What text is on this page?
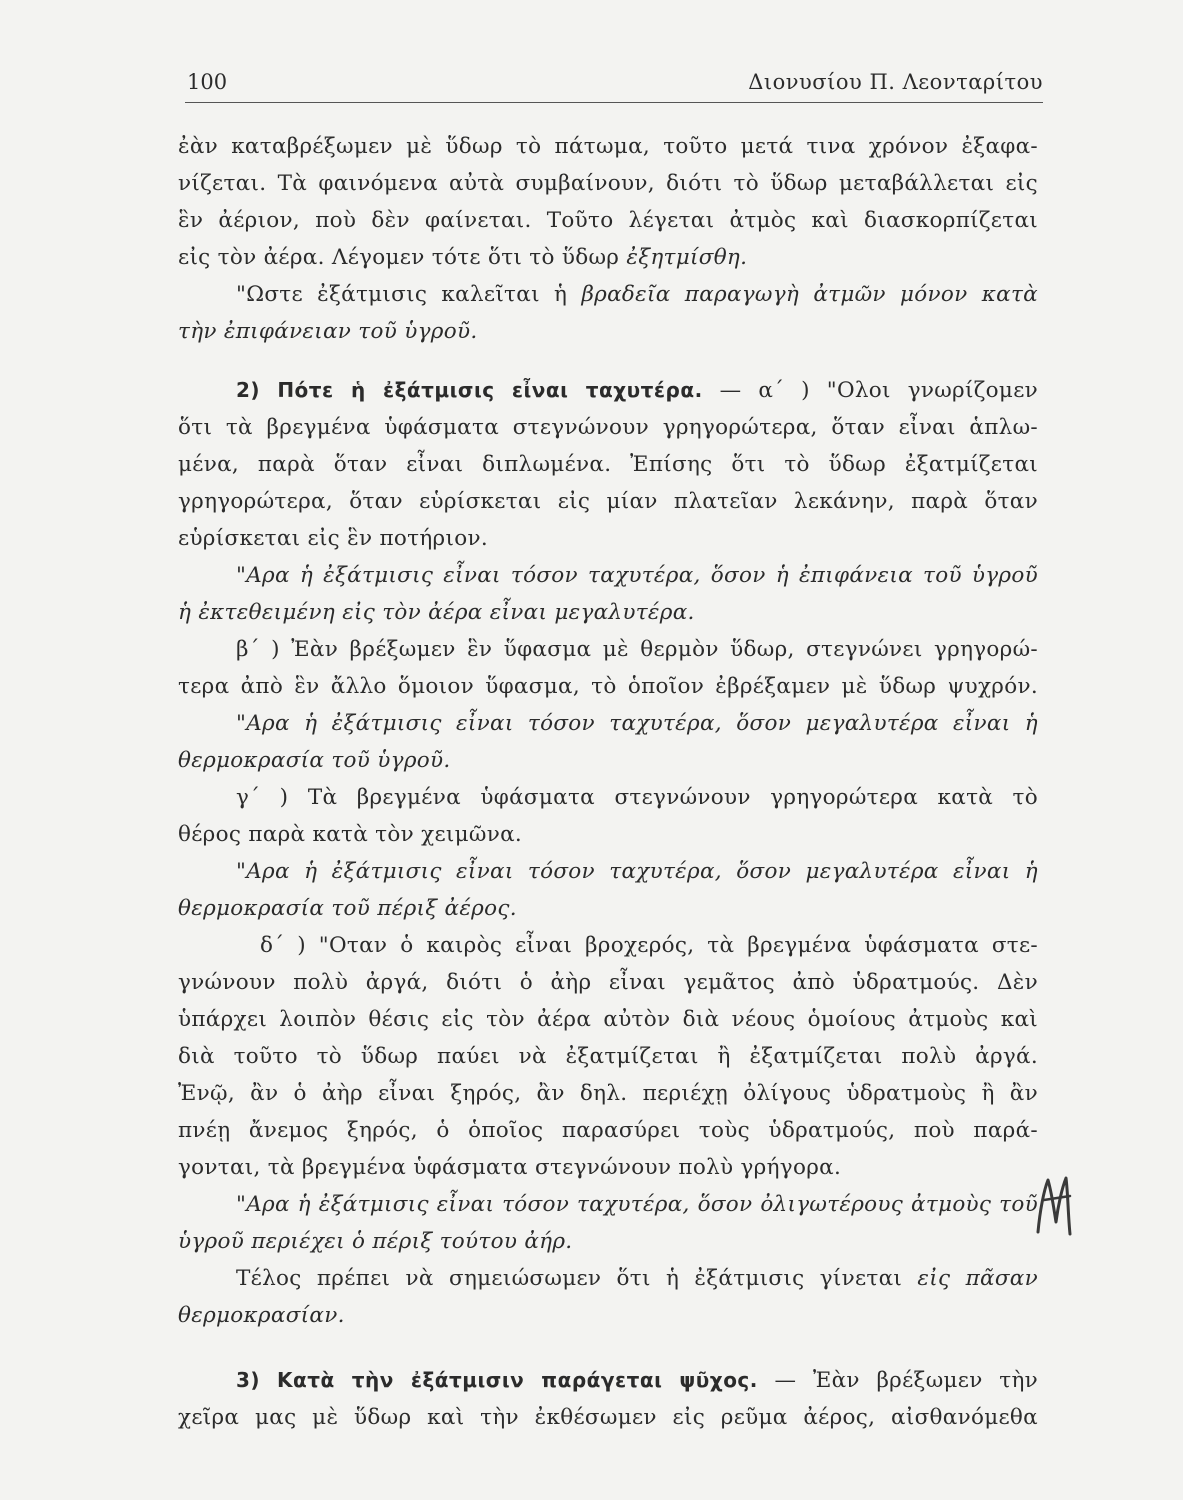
100	Διονυσίου Π. Λεονταρίτου
ἐὰν καταβρέξωμεν μὲ ὕδωρ τὸ πάτωμα, τοῦτο μετά τινα χρόνον ἐξαφα-
νίζεται. Τὰ φαινόμενα αὐτὰ συμβαίνουν, διότι τὸ ὕδωρ μεταβάλλεται εἰς
ἓν ἀέριον, ποὺ δὲν φαίνεται. Τοῦτο λέγεται ἀτμὸς καὶ διασκορπίζεται
εἰς τὸν ἀέρα. Λέγομεν τότε ὅτι τὸ ὕδωρ ἐξητμίσθη.
"Ωστε ἐξάτμισις καλεῖται ἡ βραδεῖα παραγωγὴ ἀτμῶν μόνον κατὰ
τὴν ἐπιφάνειαν τοῦ ὑγροῦ.
2) Πότε ἡ ἐξάτμισις εἶναι ταχυτέρα. — α΄ ) "Ολοι γνωρίζομεν
ὅτι τὰ βρεγμένα ὑφάσματα στεγνώνουν γρηγορώτερα, ὅταν εἶναι ἁπλω-
μένα, παρὰ ὅταν εἶναι διπλωμένα. Ἐπίσης ὅτι τὸ ὕδωρ ἐξατμίζεται
γρηγορώτερα, ὅταν εὑρίσκεται εἰς μίαν πλατεῖαν λεκάνην, παρὰ ὅταν
εὑρίσκεται εἰς ἓν ποτήριον.
"Αρα ἡ ἐξάτμισις εἶναι τόσον ταχυτέρα, ὅσον ἡ ἐπιφάνεια τοῦ ὑγροῦ
ἡ ἐκτεθειμένη εἰς τὸν ἀέρα εἶναι μεγαλυτέρα.
β΄ ) Ἐὰν βρέξωμεν ἓν ὕφασμα μὲ θερμὸν ὕδωρ, στεγνώνει γρηγορώ-
τερα ἀπὸ ἓν ἄλλο ὅμοιον ὕφασμα, τὸ ὁποῖον ἐβρέξαμεν μὲ ὕδωρ ψυχρόν.
"Αρα ἡ ἐξάτμισις εἶναι τόσον ταχυτέρα, ὅσον μεγαλυτέρα εἶναι ἡ
θερμοκρασία τοῦ ὑγροῦ.
γ΄ ) Τὰ βρεγμένα ὑφάσματα στεγνώνουν γρηγορώτερα κατὰ τὸ
θέρος παρὰ κατὰ τὸν χειμῶνα.
"Αρα ἡ ἐξάτμισις εἶναι τόσον ταχυτέρα, ὅσον μεγαλυτέρα εἶναι ἡ
θερμοκρασία τοῦ πέριξ ἀέρος.
δ΄ ) "Οταν ὁ καιρὸς εἶναι βροχερός, τὰ βρεγμένα ὑφάσματα στε-
γνώνουν πολὺ ἀργά, διότι ὁ ἀὴρ εἶναι γεμᾶτος ἀπὸ ὑδρατμούς. Δὲν
ὑπάρχει λοιπὸν θέσις εἰς τὸν ἀέρα αὐτὸν διὰ νέους ὁμοίους ἀτμοὺς καὶ
διὰ τοῦτο τὸ ὕδωρ παύει νὰ ἐξατμίζεται ἢ ἐξατμίζεται πολὺ ἀργά.
Ἐνῷ, ἂν ὁ ἀὴρ εἶναι ξηρός, ἂν δηλ. περιέχῃ ὀλίγους ὑδρατμοὺς ἢ ἂν
πνέῃ ἄνεμος ξηρός, ὁ ὁποῖος παρασύρει τοὺς ὑδρατμούς, ποὺ παρά-
γονται, τὰ βρεγμένα ὑφάσματα στεγνώνουν πολὺ γρήγορα.
"Αρα ἡ ἐξάτμισις εἶναι τόσον ταχυτέρα, ὅσον ὀλιγωτέρους ἀτμοὺς τοῦ
ὑγροῦ περιέχει ὁ πέριξ τούτου ἀήρ.
Τέλος πρέπει νὰ σημειώσωμεν ὅτι ἡ ἐξάτμισις γίνεται εἰς πᾶσαν
θερμοκρασίαν.
3) Κατὰ τὴν ἐξάτμισιν παράγεται ψῦχος. — Ἐὰν βρέξωμεν τὴν
χεῖρα μας μὲ ὕδωρ καὶ τὴν ἐκθέσωμεν εἰς ρεῦμα ἀέρος, αἰσθανόμεθα
